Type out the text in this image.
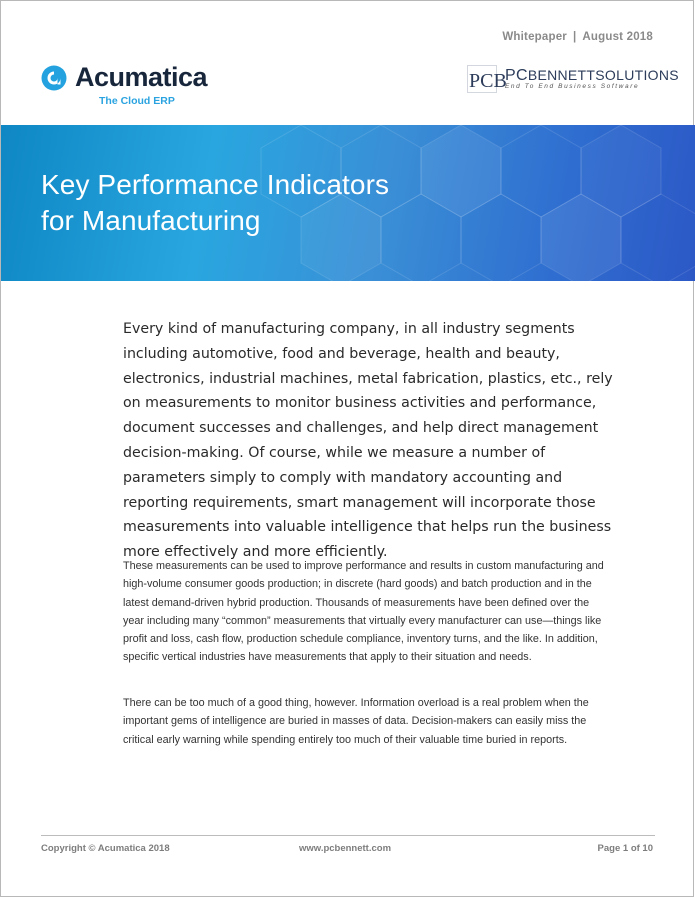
Whitepaper | August 2018
Acumatica
The Cloud ERP
PCB
PCBENNETTSOLUTIONS
End To End Business Software
Key Performance Indicators
for Manufacturing

Every kind of manufacturing company, in all industry segments including automotive, food and beverage, health and beauty, electronics, industrial machines, metal fabrication, plastics, etc., rely on measurements to monitor business activities and performance, document successes and challenges, and help direct management decision-making. Of course, while we measure a number of parameters simply to comply with mandatory accounting and reporting requirements, smart management will incorporate those measurements into valuable intelligence that helps run the business more effectively and more efficiently.

These measurements can be used to improve performance and results in custom manufacturing and high-volume consumer goods production; in discrete (hard goods) and batch production and in the latest demand-driven hybrid production. Thousands of measurements have been defined over the year including many “common” measurements that virtually every manufacturer can use—things like profit and loss, cash flow, production schedule compliance, inventory turns, and the like. In addition, specific vertical industries have measurements that apply to their situation and needs.

There can be too much of a good thing, however. Information overload is a real problem when the important gems of intelligence are buried in masses of data. Decision-makers can easily miss the critical early warning while spending entirely too much of their valuable time buried in reports.

Copyright © Acumatica 2018	www.pcbennett.com	Page 1 of 10
